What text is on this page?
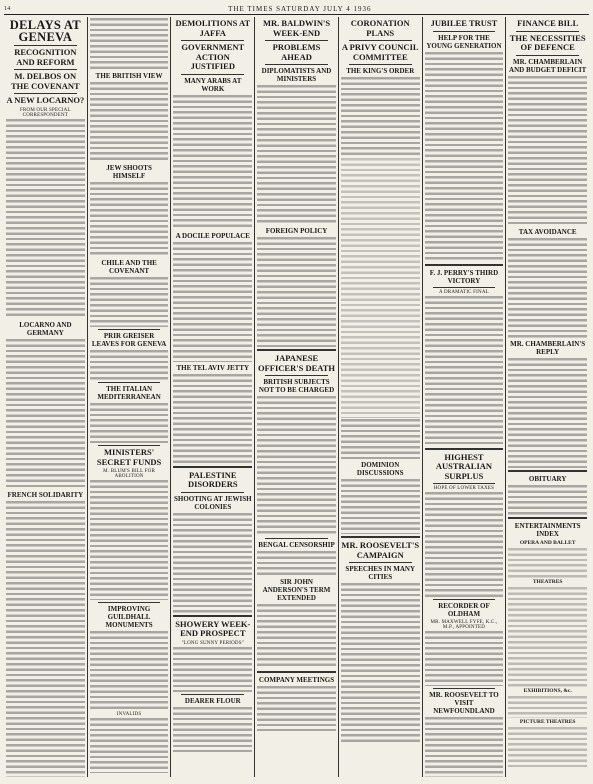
14	THE TIMES SATURDAY JULY 4 1936
DELAYS AT GENEVA
RECOGNITION AND REFORM
M. DELBOS ON THE COVENANT
A NEW LOCARNO?
FROM OUR SPECIAL CORRESPONDENT
LOCARNO AND GERMANY
FRENCH SOLIDARITY
THE BRITISH VIEW
JEW SHOOTS HIMSELF
CHILE AND THE COVENANT
PRIR GREISER LEAVES FOR GENEVA
THE ITALIAN MEDITERRANEAN
MINISTERS' SECRET FUNDS
M. BLUM'S BILL FOR ABOLITION
IMPROVING GUILDHALL MONUMENTS
INVALIDS
DEMOLITIONS AT JAFFA
GOVERNMENT ACTION JUSTIFIED
MANY ARABS AT WORK
A DOCILE POPULACE
THE TEL AVIV JETTY
PALESTINE DISORDERS
SHOOTING AT JEWISH COLONIES
SHOWERY WEEK-END PROSPECT
"LONG SUNNY PERIODS"
DEARER FLOUR
MR. BALDWIN'S WEEK-END
PROBLEMS AHEAD
DIPLOMATISTS AND MINISTERS
FOREIGN POLICY
JAPANESE OFFICER'S DEATH
BRITISH SUBJECTS NOT TO BE CHARGED
BENGAL CENSORSHIP
SIR JOHN ANDERSON'S TERM EXTENDED
COMPANY MEETINGS
CORONATION PLANS
A PRIVY COUNCIL COMMITTEE
THE KING'S ORDER
DOMINION DISCUSSIONS
MR. ROOSEVELT'S CAMPAIGN
SPEECHES IN MANY CITIES
JUBILEE TRUST
HELP FOR THE YOUNG GENERATION
F. J. PERRY'S THIRD VICTORY
A DRAMATIC FINAL
HIGHEST AUSTRALIAN SURPLUS
HOPE OF LOWER TAXES
RECORDER OF OLDHAM
MR. MAXWELL FYFE, K.C., M.P., APPOINTED
MR. ROOSEVELT TO VISIT NEWFOUNDLAND
FINANCE BILL
THE NECESSITIES OF DEFENCE
MR. CHAMBERLAIN AND BUDGET DEFICIT
TAX AVOIDANCE
MR. CHAMBERLAIN'S REPLY
OBITUARY
ENTERTAINMENTS INDEX
OPERA AND BALLET
THEATRES
EXHIBITIONS, &c.
PICTURE THEATRES
